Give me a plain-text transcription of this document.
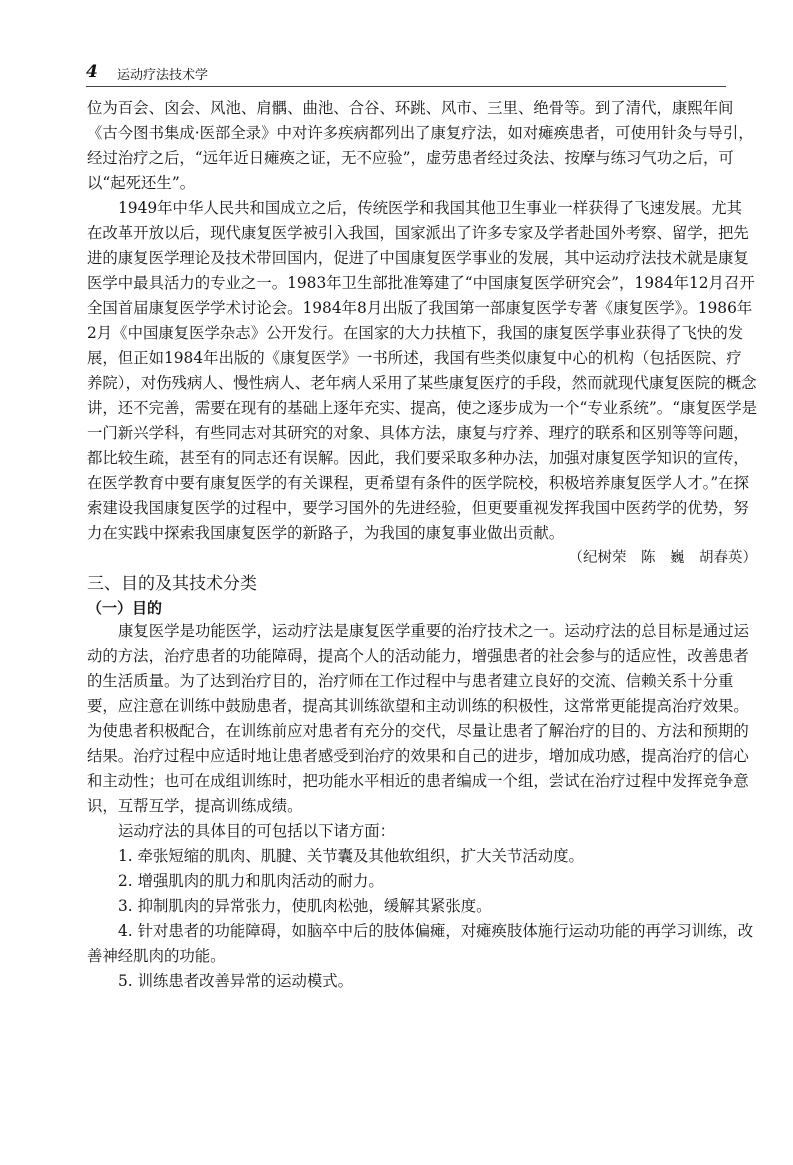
4	运动疗法技术学

位为百会、囟会、风池、肩髃、曲池、合谷、环跳、风市、三里、绝骨等。到了清代，康熙年间《古今图书集成·医部全录》中对许多疾病都列出了康复疗法，如对瘫痪患者，可使用针灸与导引，经过治疗之后，“远年近日瘫痪之证，无不应验”，虚劳患者经过灸法、按摩与练习气功之后，可以“起死还生”。

1949年中华人民共和国成立之后，传统医学和我国其他卫生事业一样获得了飞速发展。尤其在改革开放以后，现代康复医学被引入我国，国家派出了许多专家及学者赴国外考察、留学，把先进的康复医学理论及技术带回国内，促进了中国康复医学事业的发展，其中运动疗法技术就是康复医学中最具活力的专业之一。1983年卫生部批准筹建了“中国康复医学研究会”，1984年12月召开全国首届康复医学学术讨论会。1984年8月出版了我国第一部康复医学专著《康复医学》。1986年2月《中国康复医学杂志》公开发行。在国家的大力扶植下，我国的康复医学事业获得了飞快的发展，但正如1984年出版的《康复医学》一书所述，我国有些类似康复中心的机构（包括医院、疗养院），对伤残病人、慢性病人、老年病人采用了某些康复医疗的手段，然而就现代康复医院的概念讲，还不完善，需要在现有的基础上逐年充实、提高，使之逐步成为一个“专业系统”。“康复医学是一门新兴学科，有些同志对其研究的对象、具体方法，康复与疗养、理疗的联系和区别等等问题，都比较生疏，甚至有的同志还有误解。因此，我们要采取多种办法，加强对康复医学知识的宣传，在医学教育中要有康复医学的有关课程，更希望有条件的医学院校，积极培养康复医学人才。”在探索建设我国康复医学的过程中，要学习国外的先进经验，但更要重视发挥我国中医药学的优势，努力在实践中探索我国康复医学的新路子，为我国的康复事业做出贡献。

（纪树荣　陈　巍　胡春英）

三、目的及其技术分类

（一）目的

康复医学是功能医学，运动疗法是康复医学重要的治疗技术之一。运动疗法的总目标是通过运动的方法，治疗患者的功能障碍，提高个人的活动能力，增强患者的社会参与的适应性，改善患者的生活质量。为了达到治疗目的，治疗师在工作过程中与患者建立良好的交流、信赖关系十分重要，应注意在训练中鼓励患者，提高其训练欲望和主动训练的积极性，这常常更能提高治疗效果。为使患者积极配合，在训练前应对患者有充分的交代，尽量让患者了解治疗的目的、方法和预期的结果。治疗过程中应适时地让患者感受到治疗的效果和自己的进步，增加成功感，提高治疗的信心和主动性；也可在成组训练时，把功能水平相近的患者编成一个组，尝试在治疗过程中发挥竞争意识，互帮互学，提高训练成绩。

运动疗法的具体目的可包括以下诸方面：

1. 牵张短缩的肌肉、肌腱、关节囊及其他软组织，扩大关节活动度。

2. 增强肌肉的肌力和肌肉活动的耐力。

3. 抑制肌肉的异常张力，使肌肉松弛，缓解其紧张度。

4. 针对患者的功能障碍，如脑卒中后的肢体偏瘫，对瘫痪肢体施行运动功能的再学习训练，改善神经肌肉的功能。

5. 训练患者改善异常的运动模式。
